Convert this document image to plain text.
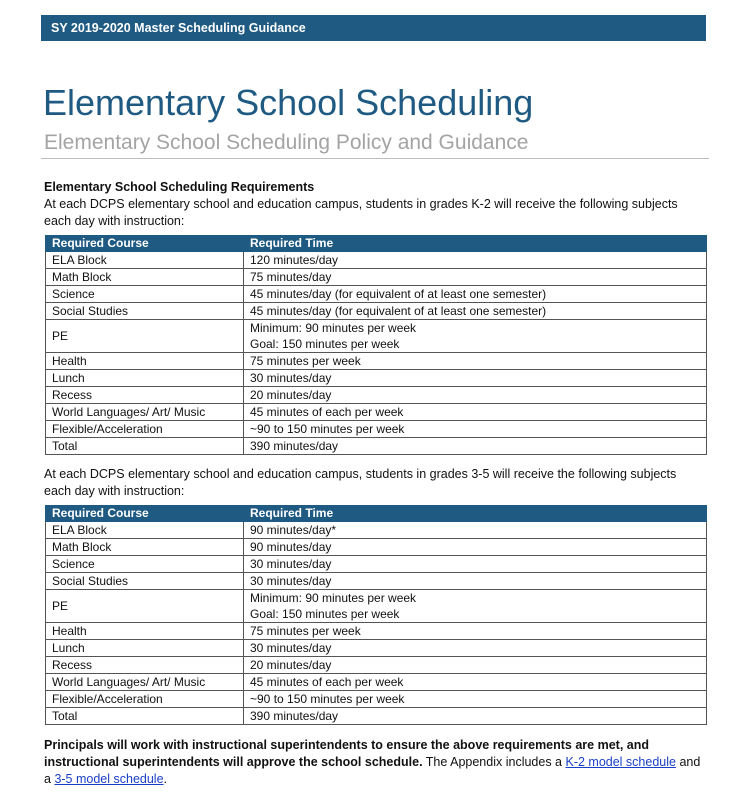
SY 2019-2020 Master Scheduling Guidance
Elementary School Scheduling
Elementary School Scheduling Policy and Guidance
Elementary School Scheduling Requirements

At each DCPS elementary school and education campus, students in grades K-2 will receive the following subjects each day with instruction:

Required Course	Required Time
ELA Block	120 minutes/day
Math Block	75 minutes/day
Science	45 minutes/day (for equivalent of at least one semester)
Social Studies	45 minutes/day (for equivalent of at least one semester)
PE	Minimum: 90 minutes per week
Goal: 150 minutes per week

Health	75 minutes per week
Lunch	30 minutes/day
Recess	20 minutes/day
World Languages/ Art/ Music	45 minutes of each per week
Flexible/Acceleration	~90 to 150 minutes per week
Total	390 minutes/day

At each DCPS elementary school and education campus, students in grades 3-5 will receive the following subjects each day with instruction:

Required Course	Required Time
ELA Block	90 minutes/day*
Math Block	90 minutes/day
Science	30 minutes/day
Social Studies	30 minutes/day
PE	Minimum: 90 minutes per week
Goal: 150 minutes per week

Health	75 minutes per week
Lunch	30 minutes/day
Recess	20 minutes/day
World Languages/ Art/ Music	45 minutes of each per week
Flexible/Acceleration	~90 to 150 minutes per week
Total	390 minutes/day

Principals will work with instructional superintendents to ensure the above requirements are met, and instructional superintendents will approve the school schedule. The Appendix includes a K-2 model schedule and a 3-5 model schedule.
